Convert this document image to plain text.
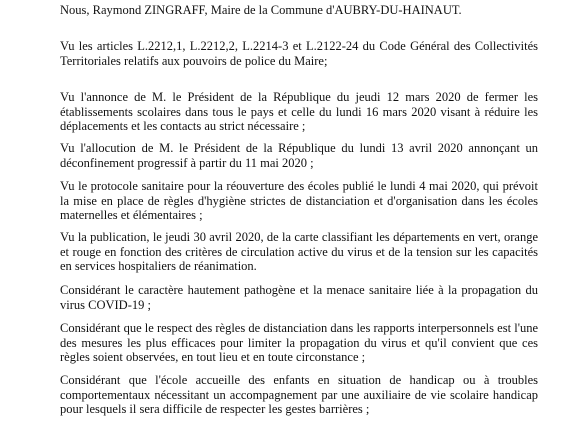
Nous, Raymond ZINGRAFF, Maire de la Commune d'AUBRY-DU-HAINAUT.

Vu les articles L.2212,1, L.2212,2, L.2214-3 et L.2122-24 du Code Général des Collectivités Territoriales relatifs aux pouvoirs de police du Maire;

Vu l'annonce de M. le Président de la République du jeudi 12 mars 2020 de fermer les établissements scolaires dans tous le pays et celle du lundi 16 mars 2020 visant à réduire les déplacements et les contacts au strict nécessaire ;

Vu l'allocution de M. le Président de la République du lundi 13 avril 2020 annonçant un déconfinement progressif à partir du 11 mai 2020 ;

Vu le protocole sanitaire pour la réouverture des écoles publié le lundi 4 mai 2020, qui prévoit la mise en place de règles d'hygiène strictes de distanciation et d'organisation dans les écoles maternelles et élémentaires ;

Vu la publication, le jeudi 30 avril 2020, de la carte classifiant les départements en vert, orange et rouge en fonction des critères de circulation active du virus et de la tension sur les capacités en services hospitaliers de réanimation.

Considérant le caractère hautement pathogène et la menace sanitaire liée à la propagation du virus COVID-19 ;

Considérant que le respect des règles de distanciation dans les rapports interpersonnels est l'une des mesures les plus efficaces pour limiter la propagation du virus et qu'il convient que ces règles soient observées, en tout lieu et en toute circonstance ;

Considérant que l'école accueille des enfants en situation de handicap ou à troubles comportementaux nécessitant un accompagnement par une auxiliaire de vie scolaire handicap pour lesquels il sera difficile de respecter les gestes barrières ;
